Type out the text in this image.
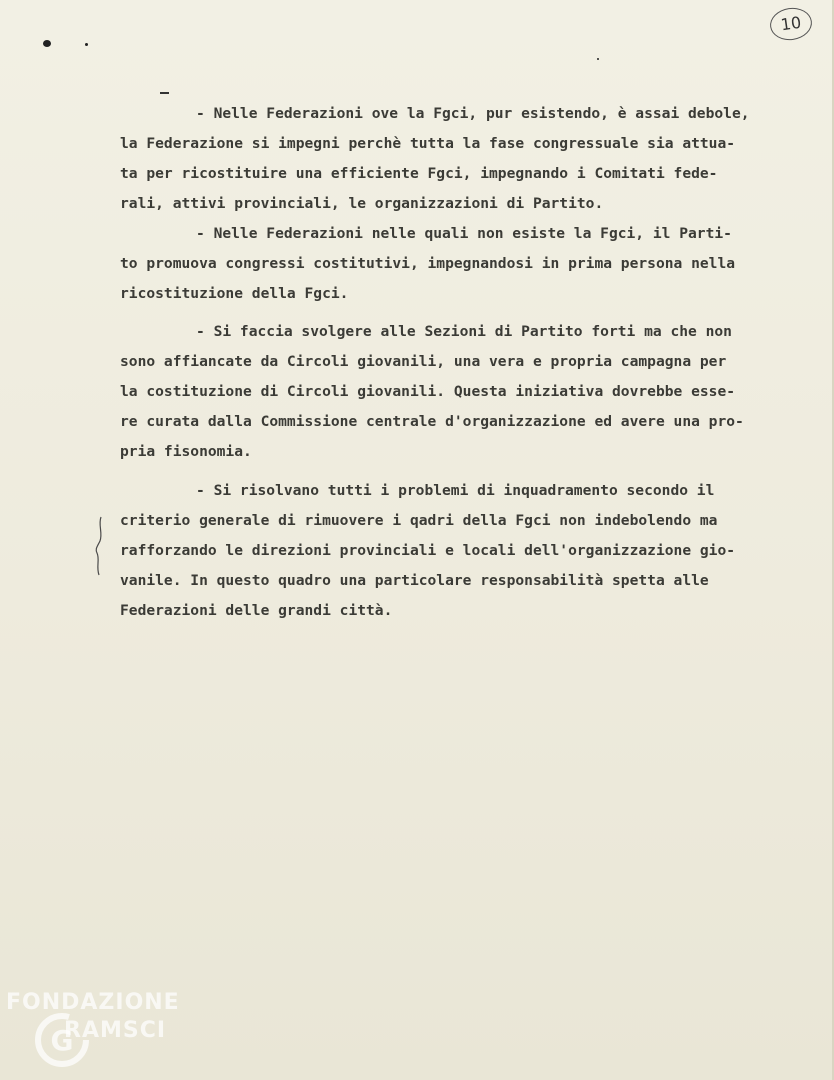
10
- Nelle Federazioni ove la Fgci, pur esistendo, è assai debole,
la Federazione si impegni perchè tutta la fase congressuale sia attua-
ta per ricostituire una efficiente Fgci, impegnando i Comitati fede-
rali, attivi provinciali, le organizzazioni di Partito.
- Nelle Federazioni nelle quali non esiste la Fgci, il Parti-
to promuova congressi costitutivi, impegnandosi in prima persona nella
ricostituzione della Fgci.
- Si faccia svolgere alle Sezioni di Partito forti ma che non
sono affiancate da Circoli giovanili, una vera e propria campagna per
la costituzione di Circoli giovanili. Questa iniziativa dovrebbe esse-
re curata dalla Commissione centrale d'organizzazione ed avere una pro-
pria fisonomia.
- Si risolvano tutti i problemi di inquadramento secondo il
criterio generale di rimuovere i qadri della Fgci non indebolendo ma
rafforzando le direzioni provinciali e locali dell'organizzazione gio-
vanile. In questo quadro una particolare responsabilità spetta alle
Federazioni delle grandi città.
G
FONDAZIONE
RAMSCI
